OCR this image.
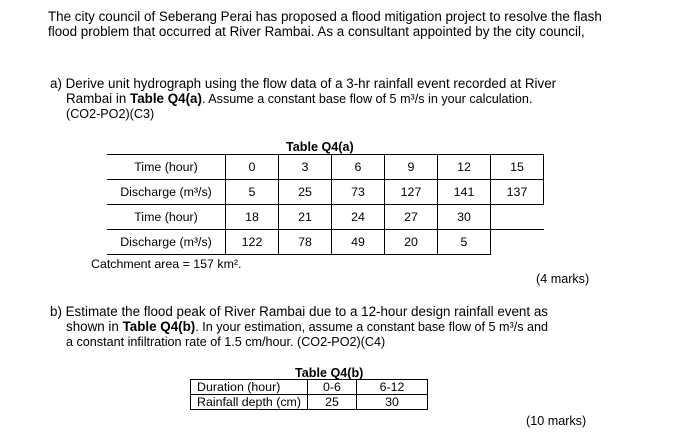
The city council of Seberang Perai has proposed a flood mitigation project to resolve the flash flood problem that occurred at River Rambai. As a consultant appointed by the city council,
a) Derive unit hydrograph using the flow data of a 3-hr rainfall event recorded at River
Rambai in Table Q4(a). Assume a constant base flow of 5 m³/s in your calculation.
(CO2-PO2)(C3)
Table Q4(a)
Time (hour)	0	3	6	9	12	15
Discharge (m³/s)	5	25	73	127	141	137
Time (hour)	18	21	24	27	30	
Discharge (m³/s)	122	78	49	20	5	
Catchment area = 157 km².
(4 marks)
b) Estimate the flood peak of River Rambai due to a 12-hour design rainfall event as
shown in Table Q4(b). In your estimation, assume a constant base flow of 5 m³/s and
a constant infiltration rate of 1.5 cm/hour. (CO2-PO2)(C4)
Table Q4(b)
Duration (hour)	0-6	6-12
Rainfall depth (cm)	25	30
(10 marks)
